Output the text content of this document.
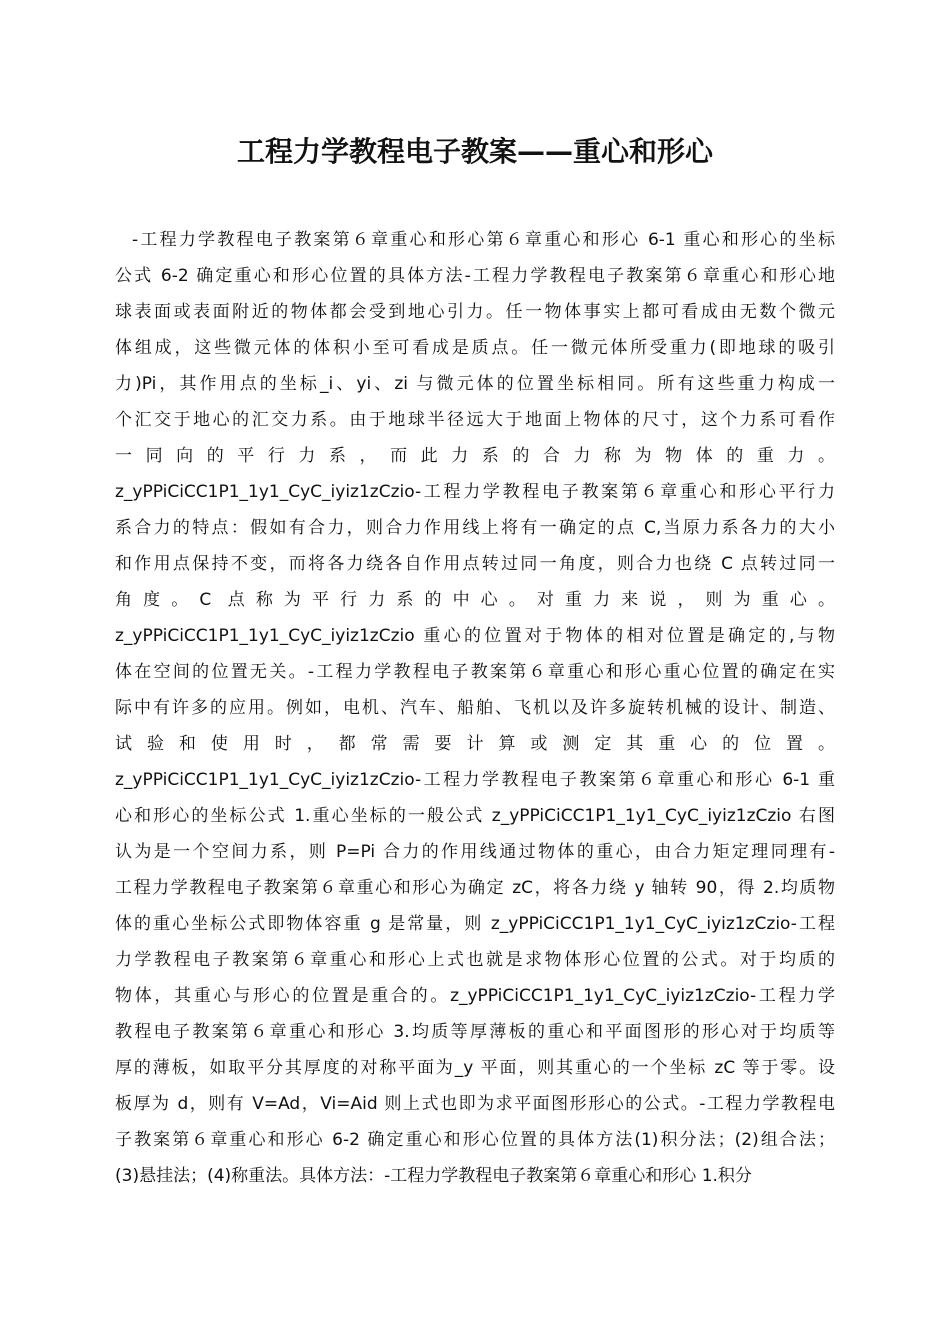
工程力学教程电子教案——重心和形心
-工程力学教程电子教案第６章重心和形心第６章重心和形心 6-1 重心和形心的坐标
公式 6-2 确定重心和形心位置的具体方法-工程力学教程电子教案第６章重心和形心地
球表面或表面附近的物体都会受到地心引力。任一物体事实上都可看成由无数个微元
体组成，这些微元体的体积小至可看成是质点。任一微元体所受重力(即地球的吸引
力)Pi，其作用点的坐标_i、yi、zi 与微元体的位置坐标相同。所有这些重力构成一
个汇交于地心的汇交力系。由于地球半径远大于地面上物体的尺寸，这个力系可看作
一同向的平行力系，而此力系的合力称为物体的重力。
z_yPPiCiCC1P1_1y1_CyC_iyiz1zCzio-工程力学教程电子教案第６章重心和形心平行力
系合力的特点：假如有合力，则合力作用线上将有一确定的点 C,当原力系各力的大小
和作用点保持不变，而将各力绕各自作用点转过同一角度，则合力也绕 C 点转过同一
角度。C 点称为平行力系的中心。对重力来说，则为重心。
z_yPPiCiCC1P1_1y1_CyC_iyiz1zCzio 重心的位置对于物体的相对位置是确定的,与物
体在空间的位置无关。-工程力学教程电子教案第６章重心和形心重心位置的确定在实
际中有许多的应用。例如，电机、汽车、船舶、飞机以及许多旋转机械的设计、制造、
试验和使用时，都常需要计算或测定其重心的位置。
z_yPPiCiCC1P1_1y1_CyC_iyiz1zCzio-工程力学教程电子教案第６章重心和形心 6-1 重
心和形心的坐标公式 1.重心坐标的一般公式 z_yPPiCiCC1P1_1y1_CyC_iyiz1zCzio 右图
认为是一个空间力系，则 P=Pi 合力的作用线通过物体的重心，由合力矩定理同理有-
工程力学教程电子教案第６章重心和形心为确定 zC，将各力绕 y 轴转 90，得 2.均质物
体的重心坐标公式即物体容重 g 是常量，则 z_yPPiCiCC1P1_1y1_CyC_iyiz1zCzio-工程
力学教程电子教案第６章重心和形心上式也就是求物体形心位置的公式。对于均质的
物体，其重心与形心的位置是重合的。z_yPPiCiCC1P1_1y1_CyC_iyiz1zCzio-工程力学
教程电子教案第６章重心和形心 3.均质等厚薄板的重心和平面图形的形心对于均质等
厚的薄板，如取平分其厚度的对称平面为_y 平面，则其重心的一个坐标 zC 等于零。设
板厚为 d，则有 V=Ad，Vi=Aid 则上式也即为求平面图形形心的公式。-工程力学教程电
子教案第６章重心和形心 6-2 确定重心和形心位置的具体方法(1)积分法；(2)组合法；
(3)悬挂法；(4)称重法。具体方法：-工程力学教程电子教案第６章重心和形心 1.积分
